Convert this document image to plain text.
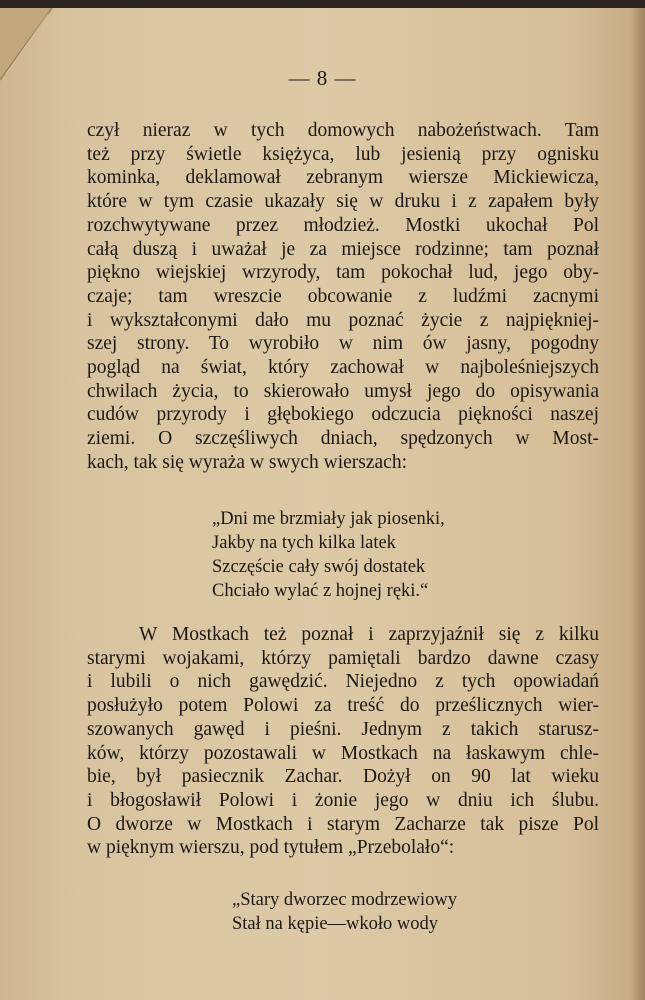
— 8 —
czył nieraz w tych domowych nabożeństwach. Tam
też przy świetle księżyca, lub jesienią przy ognisku
kominka, deklamował zebranym wiersze Mickiewicza,
które w tym czasie ukazały się w druku i z zapałem były
rozchwytywane przez młodzież. Mostki ukochał Pol
całą duszą i uważał je za miejsce rodzinne; tam poznał
piękno wiejskiej wrzyrody, tam pokochał lud, jego oby-
czaje; tam wreszcie obcowanie z ludźmi zacnymi
i wykształconymi dało mu poznać życie z najpiękniej-
szej strony. To wyrobiło w nim ów jasny, pogodny
pogląd na świat, który zachował w najboleśniejszych
chwilach życia, to skierowało umysł jego do opisywania
cudów przyrody i głębokiego odczucia piękności naszej
ziemi. O szczęśliwych dniach, spędzonych w Most-
kach, tak się wyraża w swych wierszach:
„Dni me brzmiały jak piosenki,
Jakby na tych kilka latek
Szczęście cały swój dostatek
Chciało wylać z hojnej ręki.“
W Mostkach też poznał i zaprzyjaźnił się z kilku
starymi wojakami, którzy pamiętali bardzo dawne czasy
i lubili o nich gawędzić. Niejedno z tych opowiadań
posłużyło potem Polowi za treść do prześlicznych wier-
szowanych gawęd i pieśni. Jednym z takich starusz-
ków, którzy pozostawali w Mostkach na łaskawym chle-
bie, był pasiecznik Zachar. Dożył on 90 lat wieku
i błogosławił Polowi i żonie jego w dniu ich ślubu.
O dworze w Mostkach i starym Zacharze tak pisze Pol
w pięknym wierszu, pod tytułem „Przebolało“:
„Stary dworzec modrzewiowy
Stał na kępie—wkoło wody
